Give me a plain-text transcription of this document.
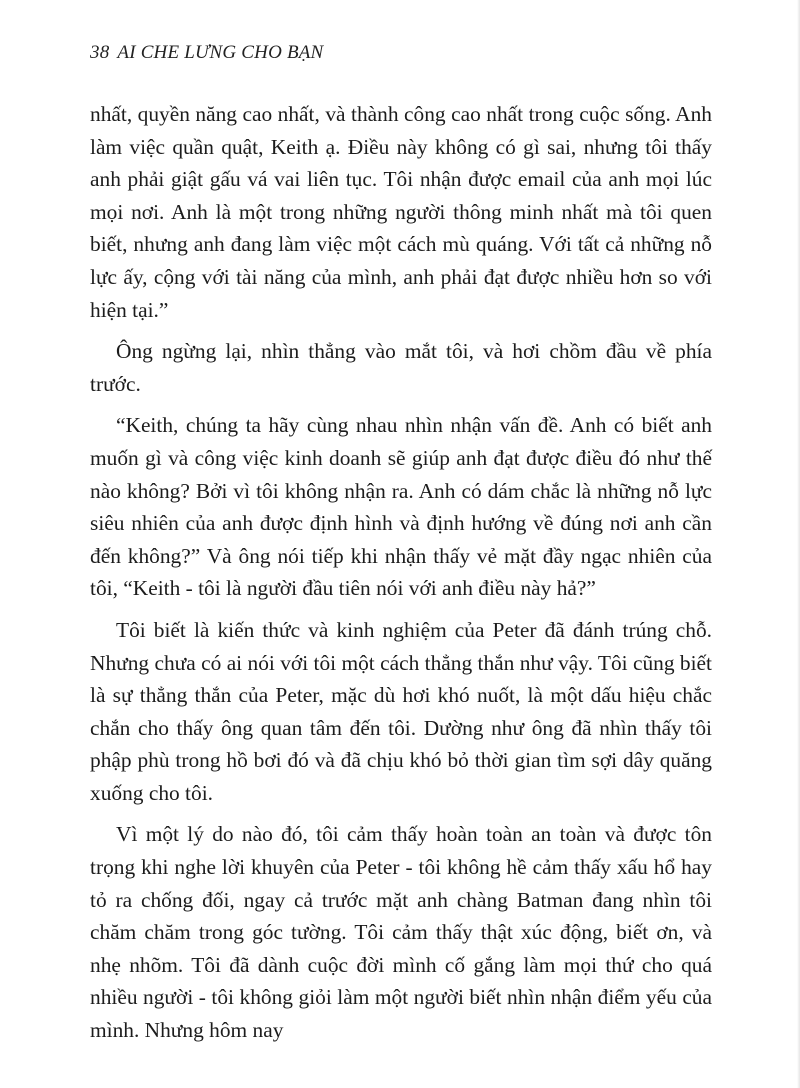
38 AI CHE LƯNG CHO BẠN

nhất, quyền năng cao nhất, và thành công cao nhất trong cuộc sống. Anh làm việc quần quật, Keith ạ. Điều này không có gì sai, nhưng tôi thấy anh phải giật gấu vá vai liên tục. Tôi nhận được email của anh mọi lúc mọi nơi. Anh là một trong những người thông minh nhất mà tôi quen biết, nhưng anh đang làm việc một cách mù quáng. Với tất cả những nỗ lực ấy, cộng với tài năng của mình, anh phải đạt được nhiều hơn so với hiện tại.”

Ông ngừng lại, nhìn thẳng vào mắt tôi, và hơi chồm đầu về phía trước.

“Keith, chúng ta hãy cùng nhau nhìn nhận vấn đề. Anh có biết anh muốn gì và công việc kinh doanh sẽ giúp anh đạt được điều đó như thế nào không? Bởi vì tôi không nhận ra. Anh có dám chắc là những nỗ lực siêu nhiên của anh được định hình và định hướng về đúng nơi anh cần đến không?” Và ông nói tiếp khi nhận thấy vẻ mặt đầy ngạc nhiên của tôi, “Keith - tôi là người đầu tiên nói với anh điều này hả?”

Tôi biết là kiến thức và kinh nghiệm của Peter đã đánh trúng chỗ. Nhưng chưa có ai nói với tôi một cách thẳng thắn như vậy. Tôi cũng biết là sự thẳng thắn của Peter, mặc dù hơi khó nuốt, là một dấu hiệu chắc chắn cho thấy ông quan tâm đến tôi. Dường như ông đã nhìn thấy tôi phập phù trong hồ bơi đó và đã chịu khó bỏ thời gian tìm sợi dây quăng xuống cho tôi.

Vì một lý do nào đó, tôi cảm thấy hoàn toàn an toàn và được tôn trọng khi nghe lời khuyên của Peter - tôi không hề cảm thấy xấu hổ hay tỏ ra chống đối, ngay cả trước mặt anh chàng Batman đang nhìn tôi chăm chăm trong góc tường. Tôi cảm thấy thật xúc động, biết ơn, và nhẹ nhõm. Tôi đã dành cuộc đời mình cố gắng làm mọi thứ cho quá nhiều người - tôi không giỏi làm một người biết nhìn nhận điểm yếu của mình. Nhưng hôm nay
